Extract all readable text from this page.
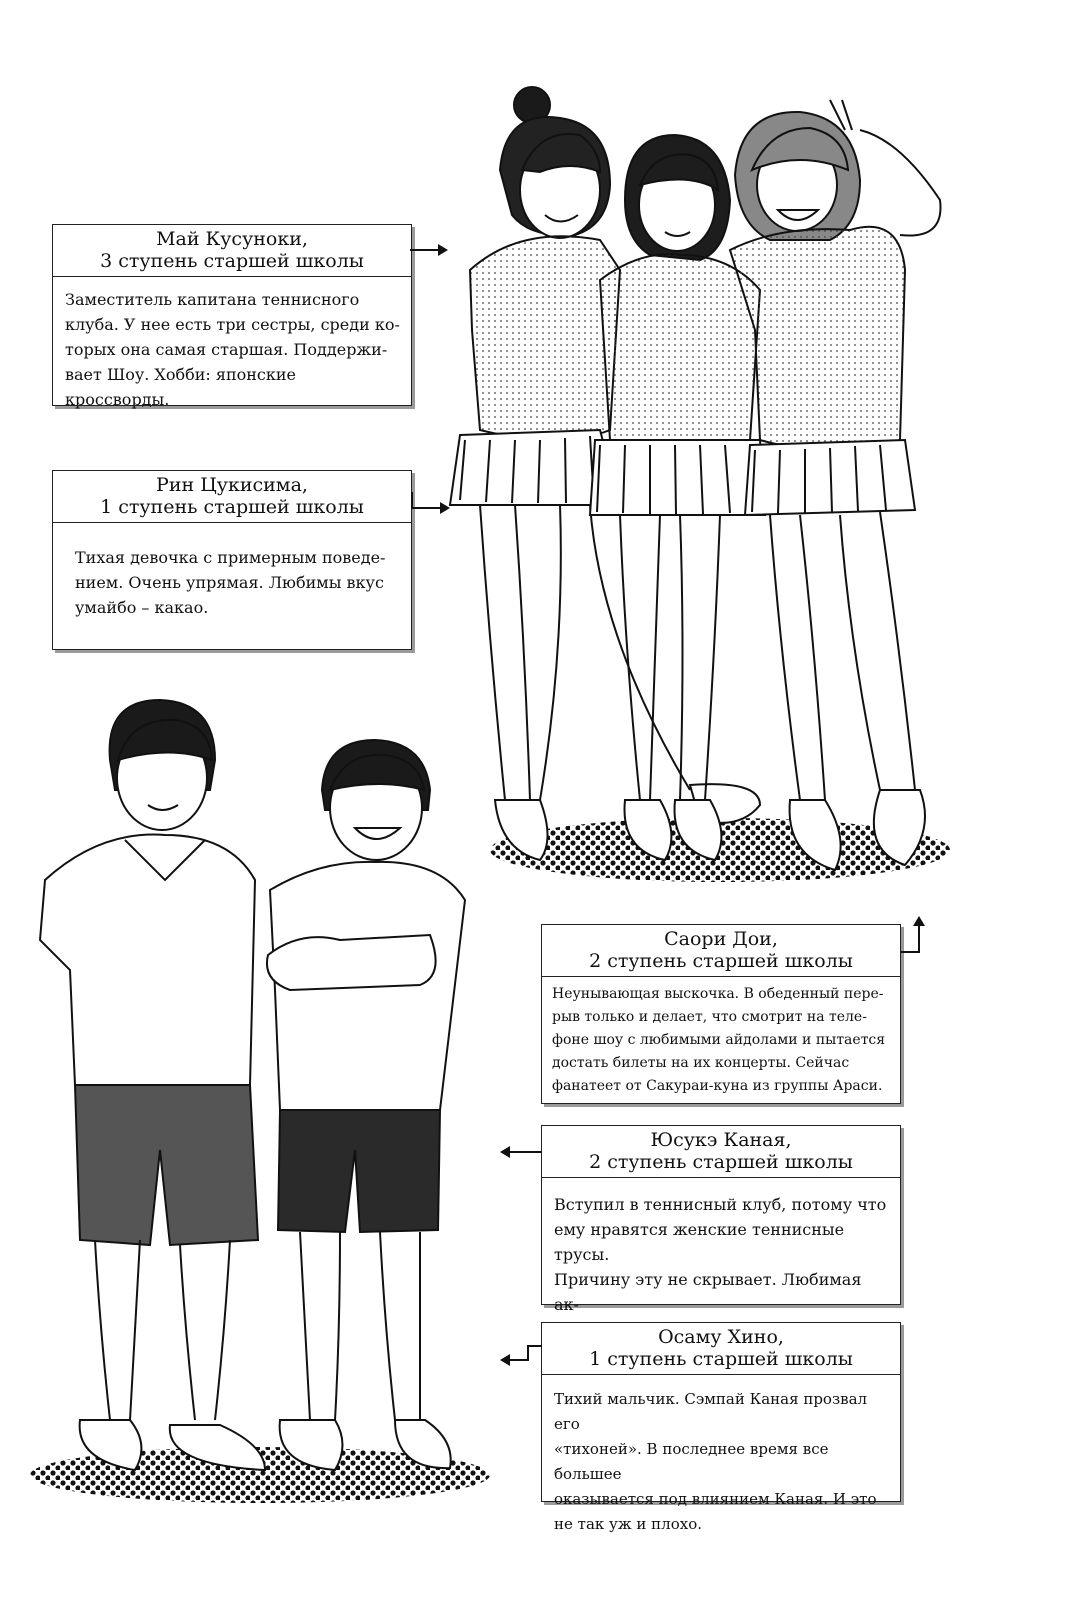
Май Кусуноки,
3 ступень старшей школы
Заместитель капитана теннисного
клуба. У нее есть три сестры, среди ко-
торых она самая старшая. Поддержи-
вает Шоу. Хобби: японские кроссворды.
Рин Цукисима,
1 ступень старшей школы
Тихая девочка с примерным поведе-
нием. Очень упрямая. Любимы вкус
умайбо – какао.
Саори Дои,
2 ступень старшей школы
Неунывающая выскочка. В обеденный пере-
рыв только и делает, что смотрит на теле-
фоне шоу с любимыми айдолами и пытается
достать билеты на их концерты. Сейчас
фанатеет от Сакураи-куна из группы Араси.
Юсукэ Каная,
2 ступень старшей школы
Вступил в теннисный клуб, потому что
ему нравятся женские теннисные трусы.
Причину эту не скрывает. Любимая ак-

Осаму Хино,
1 ступень старшей школы
Тихий мальчик. Сэмпай Каная прозвал его
«тихоней». В последнее время все большее
оказывается под влиянием Каная. И это
не так уж и плохо.
